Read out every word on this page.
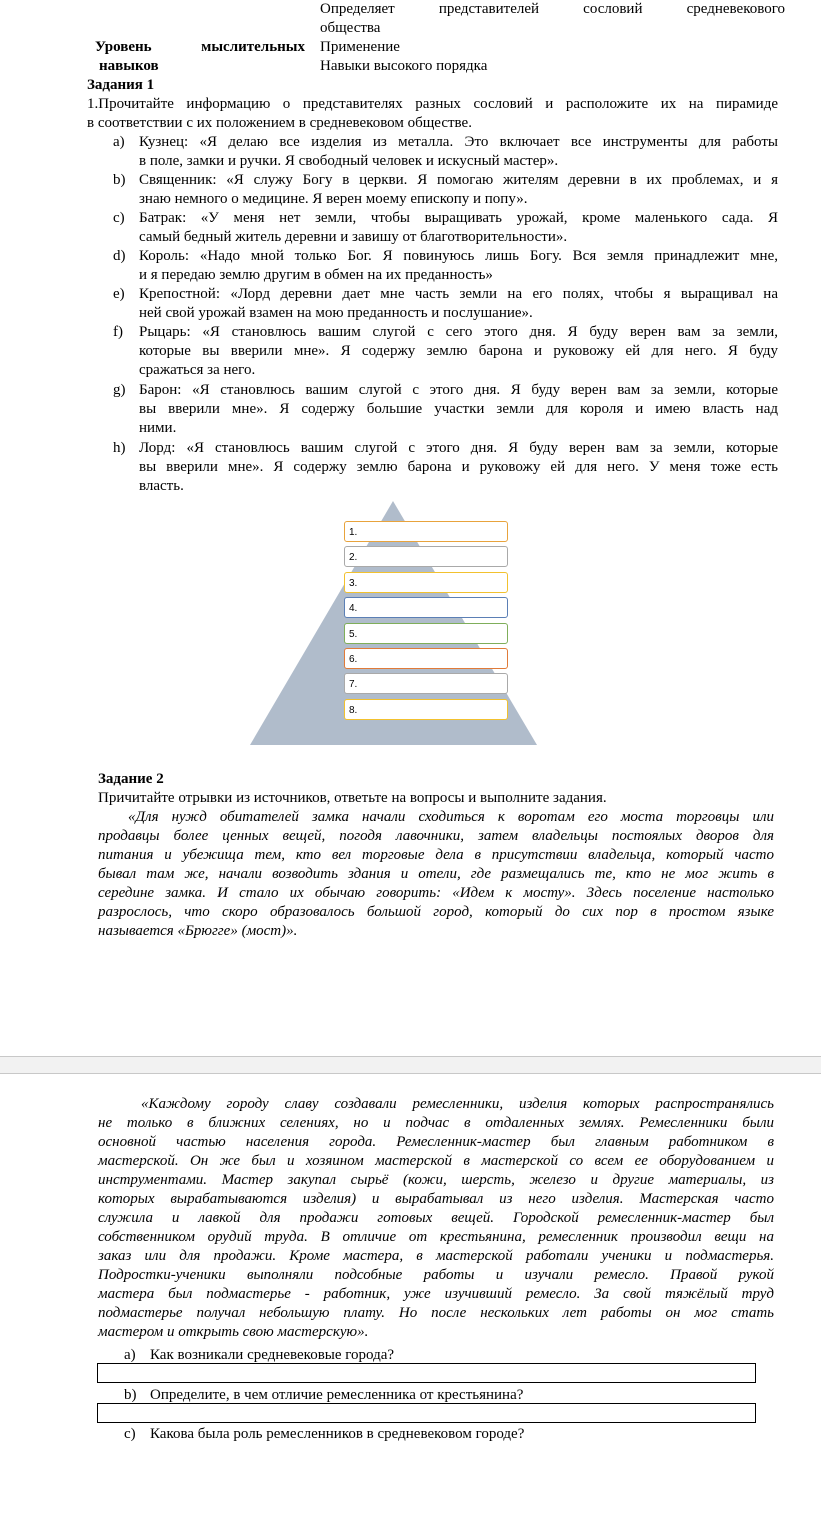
Определяет представителей сословий средневекового
общества
Уровень мыслительных
навыков
Применение
Навыки высокого порядка
Задания 1
1.Прочитайте информацию о представителях разных сословий и расположите их на пирамиде
в соответствии с их положением в средневековом обществе.
a) Кузнец: «Я делаю все изделия из металла. Это включает все инструменты для работы
в поле, замки и ручки. Я свободный человек и искусный мастер».
b) Священник: «Я служу Богу в церкви. Я помогаю жителям деревни в их проблемах, и я
знаю немного о медицине. Я верен моему епископу и попу».
c) Батрак: «У меня нет земли, чтобы выращивать урожай, кроме маленького сада. Я
самый бедный житель деревни и завишу от благотворительности».
d) Король: «Надо мной только Бог. Я повинуюсь лишь Богу. Вся земля принадлежит мне,
и я передаю землю другим в обмен на их преданность»
e) Крепостной: «Лорд деревни дает мне часть земли на его полях, чтобы я выращивал на
ней свой урожай взамен на мою преданность и послушание».
f)	Рыцарь: «Я становлюсь вашим слугой с сего этого дня. Я буду верен вам за земли,
которые вы вверили мне». Я содержу землю барона и руковожу ей для него. Я буду
сражаться за него.
g) Барон: «Я становлюсь вашим слугой с этого дня. Я буду верен вам за земли, которые
вы вверили мне». Я содержу большие участки земли для короля и имею власть над
ними.
h) Лорд: «Я становлюсь вашим слугой с этого дня. Я буду верен вам за земли, которые
вы вверили мне». Я содержу землю барона и руковожу ей для него. У меня тоже есть
власть.
1.
2.
3.
4.
5.
6.
7.
8.
Задание 2
Причитайте отрывки из источников, ответьте на вопросы и выполните задания.
«Для нужд обитателей замка начали сходиться к воротам его моста торговцы или
продавцы более ценных вещей, погодя лавочники, затем владельцы постоялых дворов для
питания и убежища тем, кто вел торговые дела в присутствии владельца, который часто
бывал там же, начали возводить здания и отели, где размещались те, кто не мог жить в
середине замка. И стало их обычаю говорить: «Идем к мосту». Здесь поселение настолько
разрослось, что скоро образовалось большой город, который до сих пор в простом языке
называется «Брюгге» (мост)».
«Каждому городу славу создавали ремесленники, изделия которых распространялись
не только в ближних селениях, но и подчас в отдаленных землях. Ремесленники были
основной частью населения города. Ремесленник-мастер был главным работником в
мастерской. Он же был и хозяином мастерской в мастерской со всем ее оборудованием и
инструментами. Мастер закупал сырьё (кожи, шерсть, железо и другие материалы, из
которых вырабатываются изделия) и вырабатывал из него изделия. Мастерская часто
служила и лавкой для продажи готовых вещей. Городской ремесленник-мастер был
собственником орудий труда. В отличие от крестьянина, ремесленник производил вещи на
заказ или для продажи. Кроме мастера, в мастерской работали ученики и подмастерья.
Подростки-ученики выполняли подсобные работы и изучали ремесло. Правой рукой
мастера был подмастерье - работник, уже изучивший ремесло. За свой тяжёлый труд
подмастерье получал небольшую плату. Но после нескольких лет работы он мог стать
мастером и открыть свою мастерскую».
a) Как возникали средневековые города?
b) Определите, в чем отличие ремесленника от крестьянина?
c) Какова была роль ремесленников в средневековом городе?
